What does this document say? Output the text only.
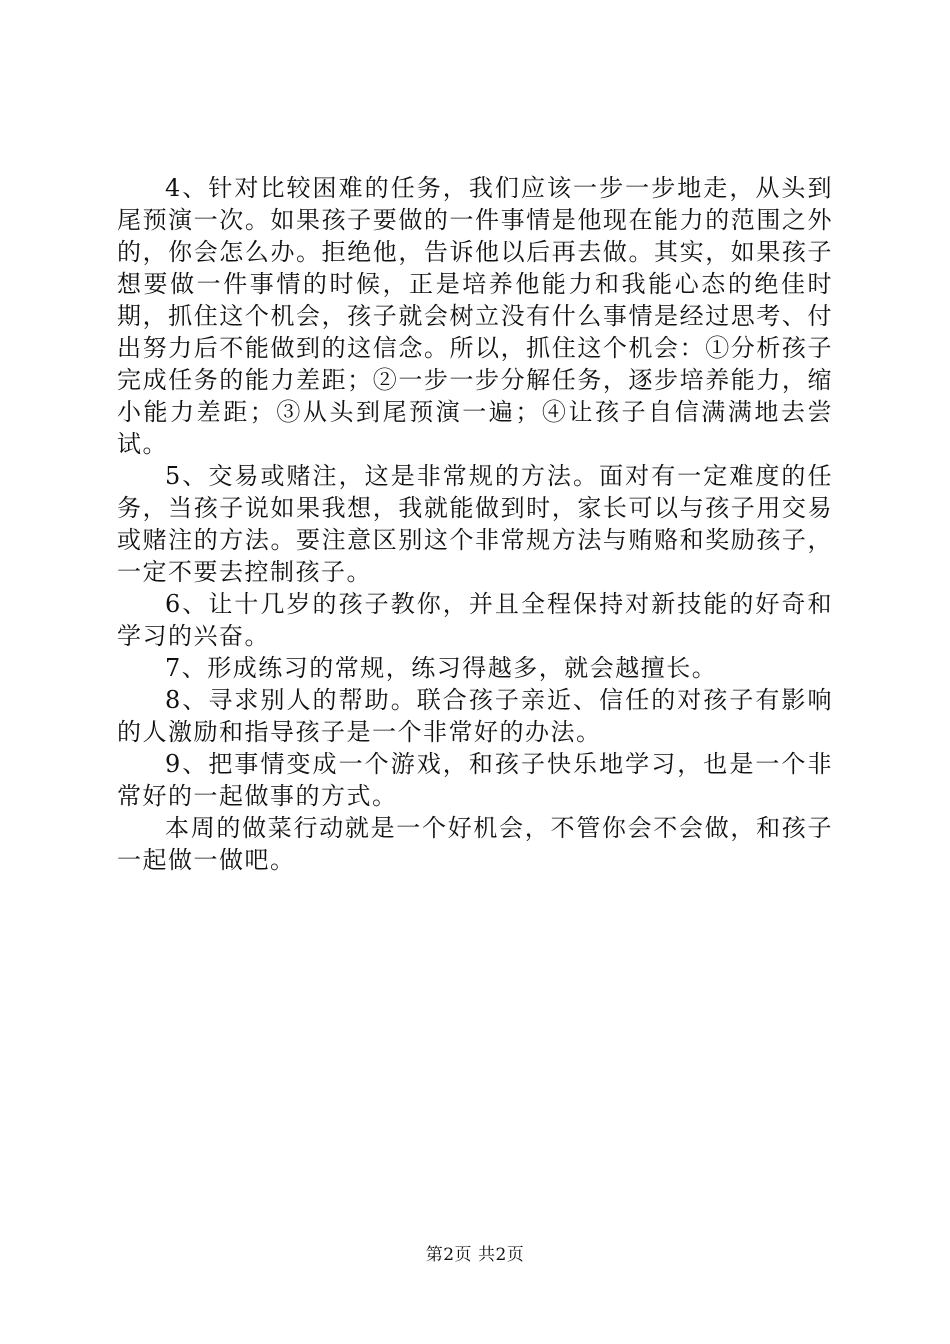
4、针对比较困难的任务，我们应该一步一步地走，从头到尾预演一次。如果孩子要做的一件事情是他现在能力的范围之外的，你会怎么办。拒绝他，告诉他以后再去做。其实，如果孩子想要做一件事情的时候，正是培养他能力和我能心态的绝佳时期，抓住这个机会，孩子就会树立没有什么事情是经过思考、付出努力后不能做到的这信念。所以，抓住这个机会：①分析孩子完成任务的能力差距；②一步一步分解任务，逐步培养能力，缩小能力差距；③从头到尾预演一遍；④让孩子自信满满地去尝试。

5、交易或赌注，这是非常规的方法。面对有一定难度的任务，当孩子说如果我想，我就能做到时，家长可以与孩子用交易或赌注的方法。要注意区别这个非常规方法与贿赂和奖励孩子，一定不要去控制孩子。

6、让十几岁的孩子教你，并且全程保持对新技能的好奇和学习的兴奋。

7、形成练习的常规，练习得越多，就会越擅长。

8、寻求别人的帮助。联合孩子亲近、信任的对孩子有影响的人激励和指导孩子是一个非常好的办法。

9、把事情变成一个游戏，和孩子快乐地学习，也是一个非常好的一起做事的方式。

本周的做菜行动就是一个好机会，不管你会不会做，和孩子一起做一做吧。

第2页 共2页
